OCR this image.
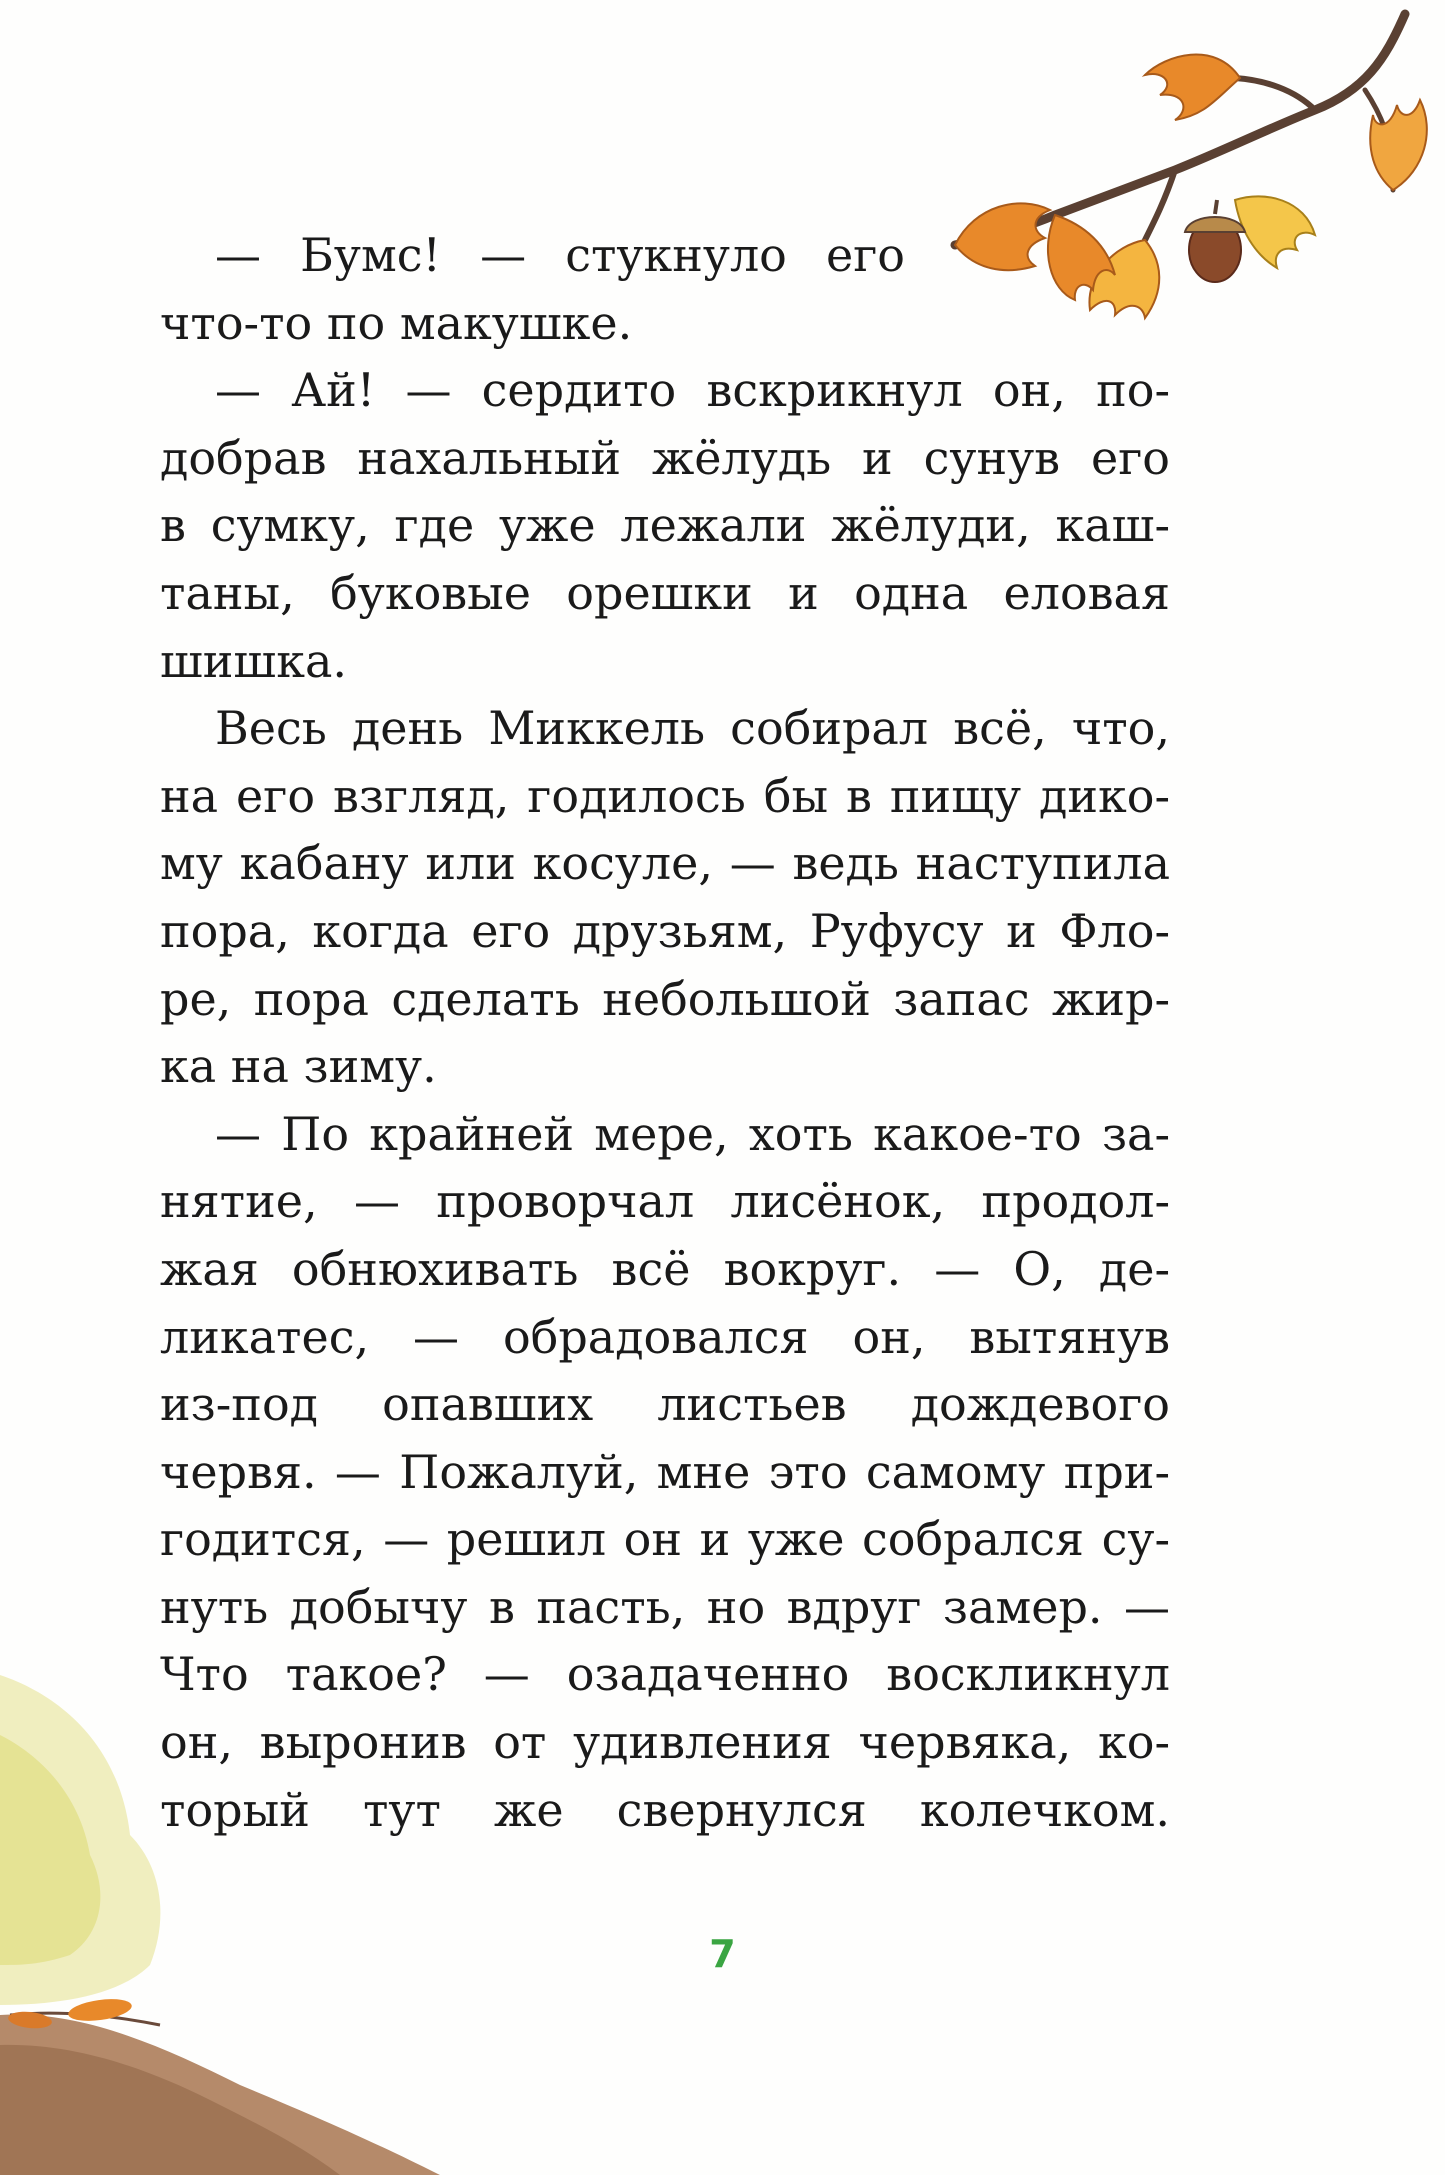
— Бумс! — стукнуло его
что-то по макушке.
— Ай! — сердито вскрикнул он, по-
добрав нахальный жёлудь и сунув его
в сумку, где уже лежали жёлуди, каш-
таны, буковые орешки и одна еловая
шишка.
Весь день Миккель собирал всё, что,
на его взгляд, годилось бы в пищу дико-
му кабану или косуле, — ведь наступила
пора, когда его друзьям, Руфусу и Фло-
ре, пора сделать небольшой запас жир-
ка на зиму.
— По крайней мере, хоть какое-то за-
нятие, — проворчал лисёнок, продол-
жая обнюхивать всё вокруг. — О, де-
ликатес, — обрадовался он, вытянув
из-под опавших листьев дождевого
червя. — Пожалуй, мне это самому при-
годится, — решил он и уже собрался су-
нуть добычу в пасть, но вдруг замер. —
Что такое? — озадаченно воскликнул
он, выронив от удивления червяка, ко-
торый тут же свернулся колечком.
7
